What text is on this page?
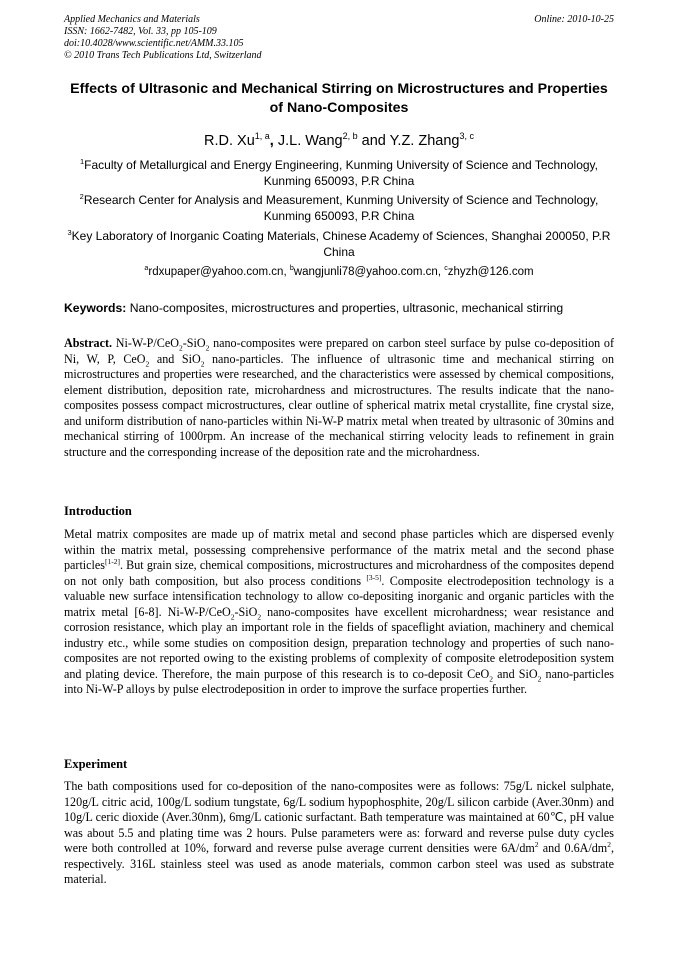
Applied Mechanics and Materials
ISSN: 1662-7482, Vol. 33, pp 105-109
doi:10.4028/www.scientific.net/AMM.33.105
© 2010 Trans Tech Publications Ltd, Switzerland
Online: 2010-10-25
Effects of Ultrasonic and Mechanical Stirring on Microstructures and Properties of Nano-Composites
R.D. Xu$^{1, a}$, J.L. Wang$^{2, b}$ and Y.Z. Zhang$^{3, c}$
$^1$Faculty of Metallurgical and Energy Engineering, Kunming University of Science and Technology, Kunming 650093, P.R China
$^2$Research Center for Analysis and Measurement, Kunming University of Science and Technology, Kunming 650093, P.R China
$^3$Key Laboratory of Inorganic Coating Materials, Chinese Academy of Sciences, Shanghai 200050, P.R China
$^a$rdxupaper@yahoo.com.cn, $^b$wangjunli78@yahoo.com.cn, $^c$zhyzh@126.com
Keywords: Nano-composites, microstructures and properties, ultrasonic, mechanical stirring
Abstract. Ni-W-P/CeO$_2$-SiO$_2$ nano-composites were prepared on carbon steel surface by pulse co-deposition of Ni, W, P, CeO$_2$ and SiO$_2$ nano-particles. The influence of ultrasonic time and mechanical stirring on microstructures and properties were researched, and the characteristics were assessed by chemical compositions, element distribution, deposition rate, microhardness and microstructures. The results indicate that the nano-composites possess compact microstructures, clear outline of spherical matrix metal crystallite, fine crystal size, and uniform distribution of nano-particles within Ni-W-P matrix metal when treated by ultrasonic of 30mins and mechanical stirring of 1000rpm. An increase of the mechanical stirring velocity leads to refinement in grain structure and the corresponding increase of the deposition rate and the microhardness.
Introduction
Metal matrix composites are made up of matrix metal and second phase particles which are dispersed evenly within the matrix metal, possessing comprehensive performance of the matrix metal and the second phase particles[1-2]. But grain size, chemical compositions, microstructures and microhardness of the composites depend on not only bath composition, but also process conditions [3-5]. Composite electrodeposition technology is a valuable new surface intensification technology to allow co-depositing inorganic and organic particles with the matrix metal [6-8]. Ni-W-P/CeO$_2$-SiO$_2$ nano-composites have excellent microhardness; wear resistance and corrosion resistance, which play an important role in the fields of spaceflight aviation, machinery and chemical industry etc., while some studies on composition design, preparation technology and properties of such nano-composites are not reported owing to the existing problems of complexity of composite eletrodeposition system and plating device. Therefore, the main purpose of this research is to co-deposit CeO$_2$ and SiO$_2$ nano-particles into Ni-W-P alloys by pulse electrodeposition in order to improve the surface properties further.
Experiment
The bath compositions used for co-deposition of the nano-composites were as follows: 75g/L nickel sulphate, 120g/L citric acid, 100g/L sodium tungstate, 6g/L sodium hypophosphite, 20g/L silicon carbide (Aver.30nm) and 10g/L ceric dioxide (Aver.30nm), 6mg/L cationic surfactant. Bath temperature was maintained at 60℃, pH value was about 5.5 and plating time was 2 hours. Pulse parameters were as: forward and reverse pulse duty cycles were both controlled at 10%, forward and reverse pulse average current densities were $6A/dm^2$ and $0.6A/dm^2$, respectively. 316L stainless steel was used as anode materials, common carbon steel was used as substrate material.
